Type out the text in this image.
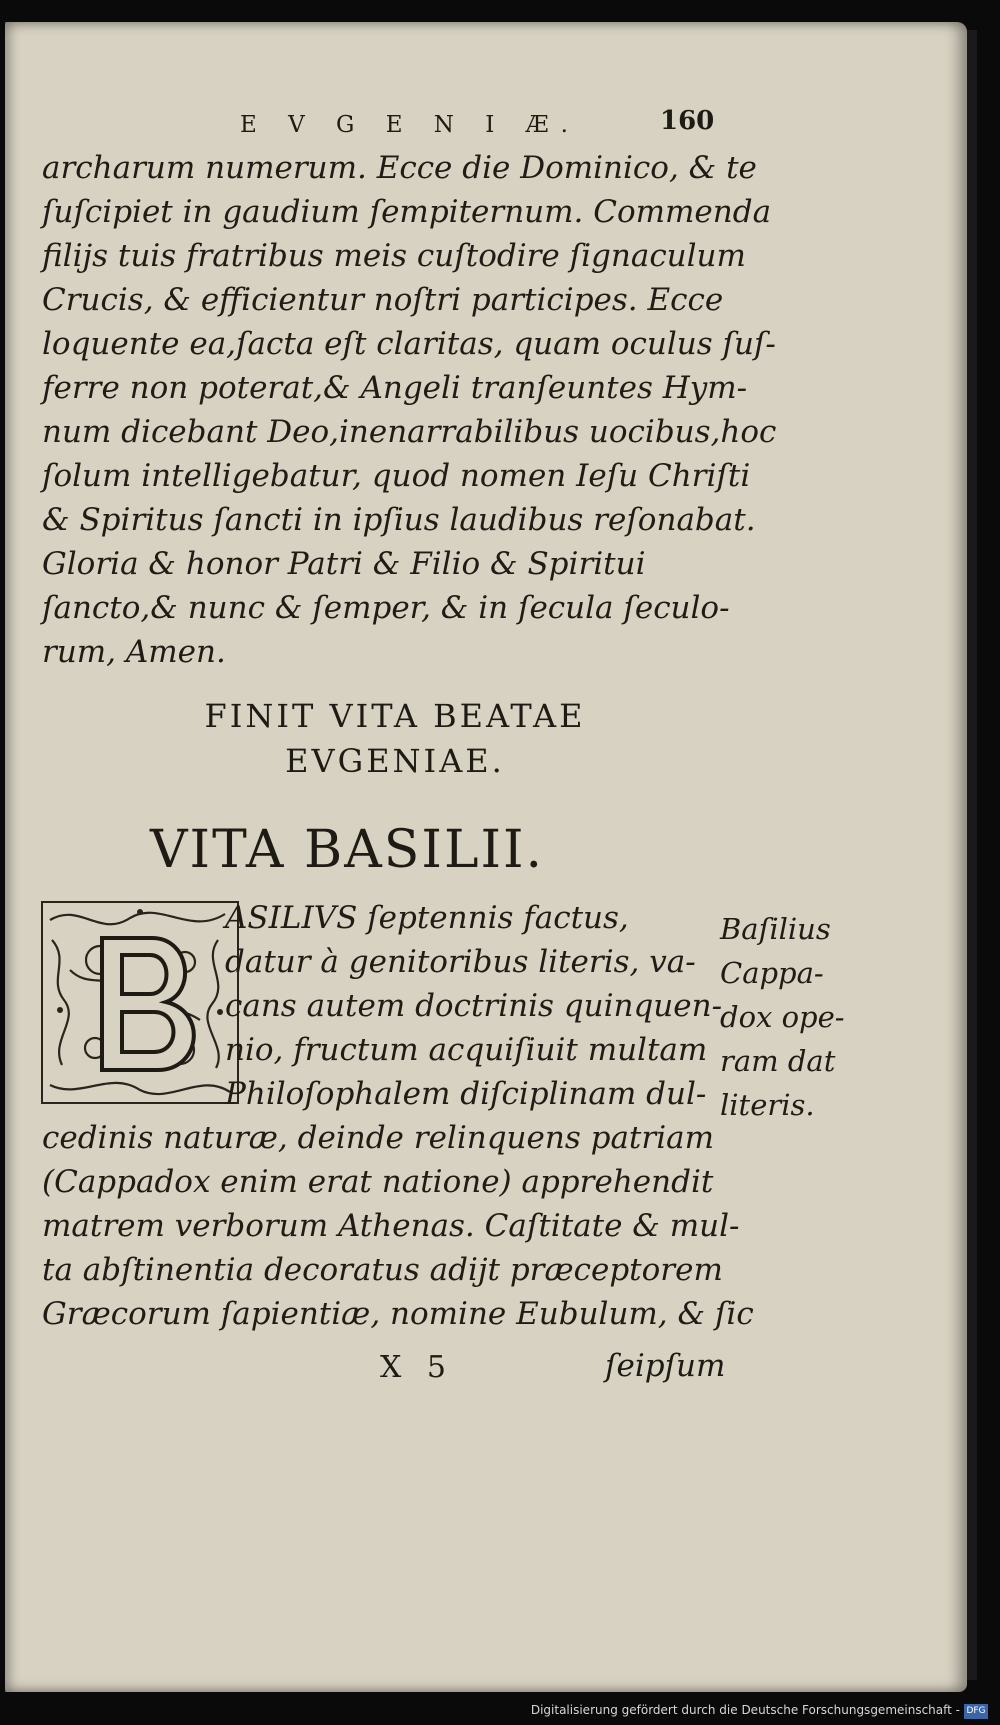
E V G E N I Æ.	160
archarum numerum. Ecce die Dominico, & te
ſuſcipiet in gaudium ſempiternum. Commenda
filijs tuis fratribus meis cuſtodire ſignaculum
Crucis, & efficientur noſtri participes. Ecce
loquente ea,ſacta eſt claritas, quam oculus ſuſ-
ferre non poterat,& Angeli tranſeuntes Hym-
num dicebant Deo,inenarrabilibus uocibus,hoc
ſolum intelligebatur, quod nomen Ieſu Chriſti
& Spiritus ſancti in ipſius laudibus reſonabat.
Gloria & honor Patri & Filio & Spiritui
ſancto,& nunc & ſemper, & in ſecula ſeculo-
rum, Amen.
FINIT VITA BEATAE
EVGENIAE.
VITA BASILII.
ASILIVS ſeptennis factus,
datur à genitoribus literis, va-
cans autem doctrinis quinquen-
nio, fructum acquiſiuit multam
Philoſophalem diſciplinam dul-
cedinis naturæ, deinde relinquens patriam
(Cappadox enim erat natione) apprehendit
matrem verborum Athenas. Caſtitate & mul-
ta abſtinentia decoratus adijt præceptorem
Græcorum ſapientiæ, nomine Eubulum, & ſic
Baſilius
Cappa-
dox ope-
ram dat
literis.
X 5	ſeipſum
Digitalisierung gefördert durch die Deutsche Forschungsgemeinschaft - DFG
